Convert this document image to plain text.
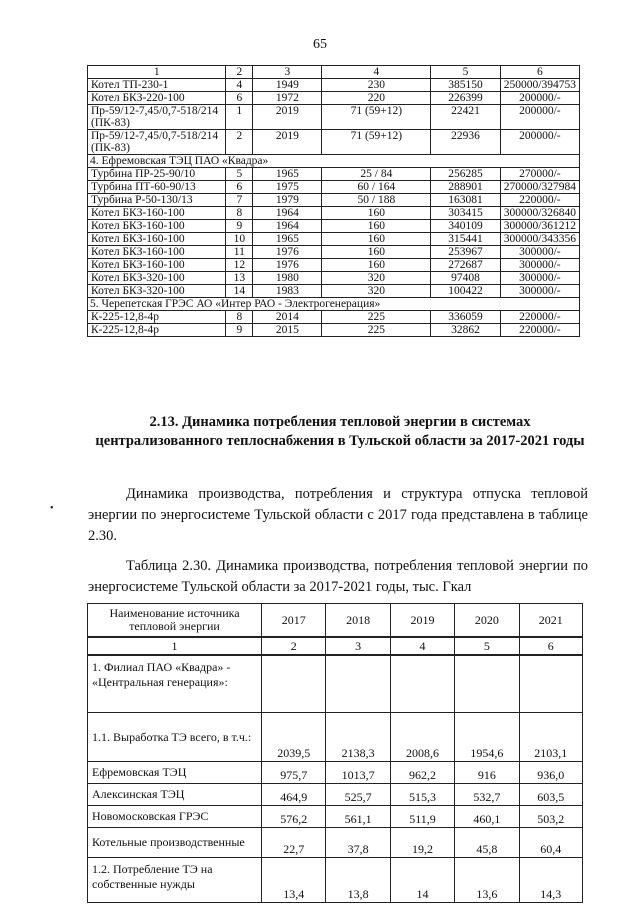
65
1	2	3	4	5	6
Котел ТП-230-1	4	1949	230	385150	250000/394753
Котел БКЗ-220-100	6	1972	220	226399	200000/-
Пр-59/12-7,45/0,7-518/214 (ПК-83)	1	2019	71 (59+12)	22421	200000/-
Пр-59/12-7,45/0,7-518/214 (ПК-83)	2	2019	71 (59+12)	22936	200000/-
4. Ефремовская ТЭЦ ПАО «Квадра»					
Турбина ПР-25-90/10	5	1965	25 / 84	256285	270000/-
Турбина ПТ-60-90/13	6	1975	60 / 164	288901	270000/327984
Турбина Р-50-130/13	7	1979	50 / 188	163081	220000/-
Котел БКЗ-160-100	8	1964	160	303415	300000/326840
Котел БКЗ-160-100	9	1964	160	340109	300000/361212
Котел БКЗ-160-100	10	1965	160	315441	300000/343356
Котел БКЗ-160-100	11	1976	160	253967	300000/-
Котел БКЗ-160-100	12	1976	160	272687	300000/-
Котел БКЗ-320-100	13	1980	320	97408	300000/-
Котел БКЗ-320-100	14	1983	320	100422	300000/-
5. Черепетская ГРЭС АО «Интер РАО - Электрогенерация»					
К-225-12,8-4р	8	2014	225	336059	220000/-
К-225-12,8-4р	9	2015	225	32862	220000/-
2.13. Динамика потребления тепловой энергии в системах централизованного теплоснабжения в Тульской области за 2017-2021 годы
•
Динамика производства, потребления и структура отпуска тепловой энергии по энергосистеме Тульской области с 2017 года представлена в таблице 2.30.
Таблица 2.30. Динамика производства, потребления тепловой энергии по энергосистеме Тульской области за 2017-2021 годы, тыс. Гкал
Наименование источника тепловой энергии	2017	2018	2019	2020	2021
1	2	3	4	5	6
1. Филиал ПАО «Квадра» - «Центральная генерация»:					
1.1. Выработка ТЭ всего, в т.ч.:	2039,5	2138,3	2008,6	1954,6	2103,1
Ефремовская ТЭЦ	975,7	1013,7	962,2	916	936,0
Алексинская ТЭЦ	464,9	525,7	515,3	532,7	603,5
Новомосковская ГРЭС	576,2	561,1	511,9	460,1	503,2
Котельные производственные	22,7	37,8	19,2	45,8	60,4
1.2. Потребление ТЭ на собственные нужды	13,4	13,8	14	13,6	14,3
